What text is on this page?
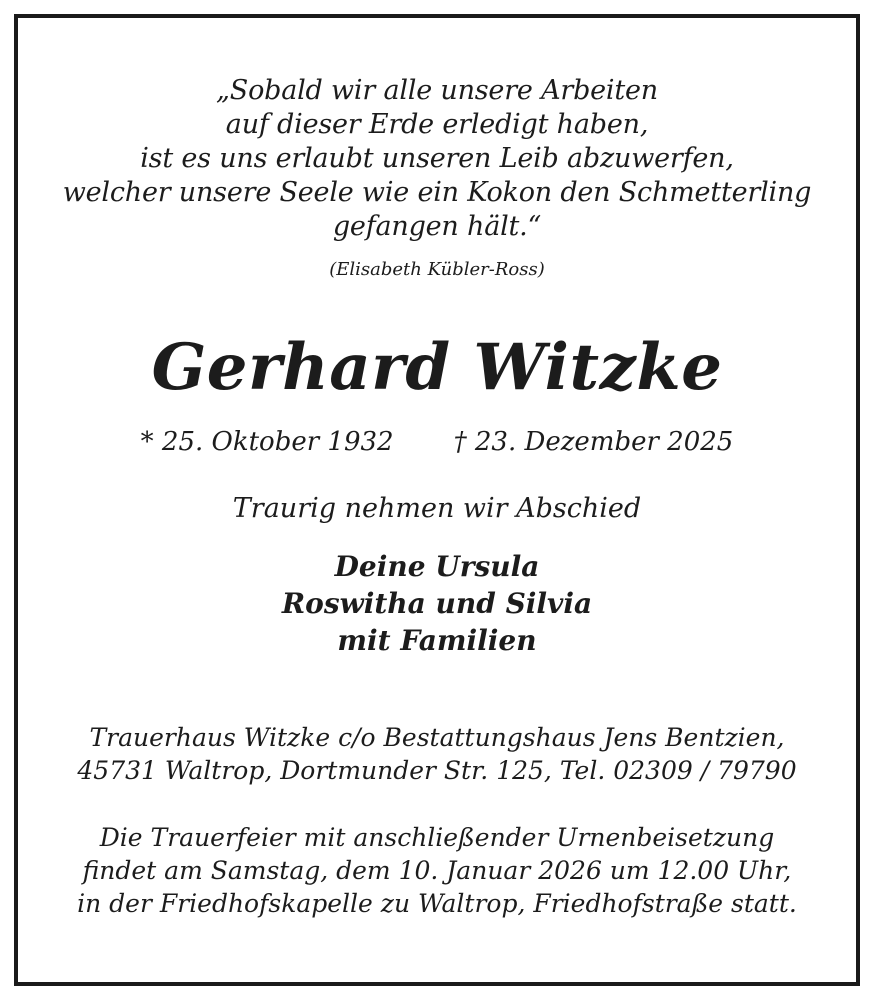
„Sobald wir alle unsere Arbeiten
auf dieser Erde erledigt haben,
ist es uns erlaubt unseren Leib abzuwerfen,
welcher unsere Seele wie ein Kokon den Schmetterling
gefangen hält.“
(Elisabeth Kübler-Ross)
Gerhard Witzke
* 25. Oktober 1932 † 23. Dezember 2025
Traurig nehmen wir Abschied
Deine Ursula
Roswitha und Silvia
mit Familien
Trauerhaus Witzke c/o Bestattungshaus Jens Bentzien,
45731 Waltrop, Dortmunder Str. 125, Tel. 02309 / 79790
Die Trauerfeier mit anschließender Urnenbeisetzung
findet am Samstag, dem 10. Januar 2026 um 12.00 Uhr,
in der Friedhofskapelle zu Waltrop, Friedhofstraße statt.
